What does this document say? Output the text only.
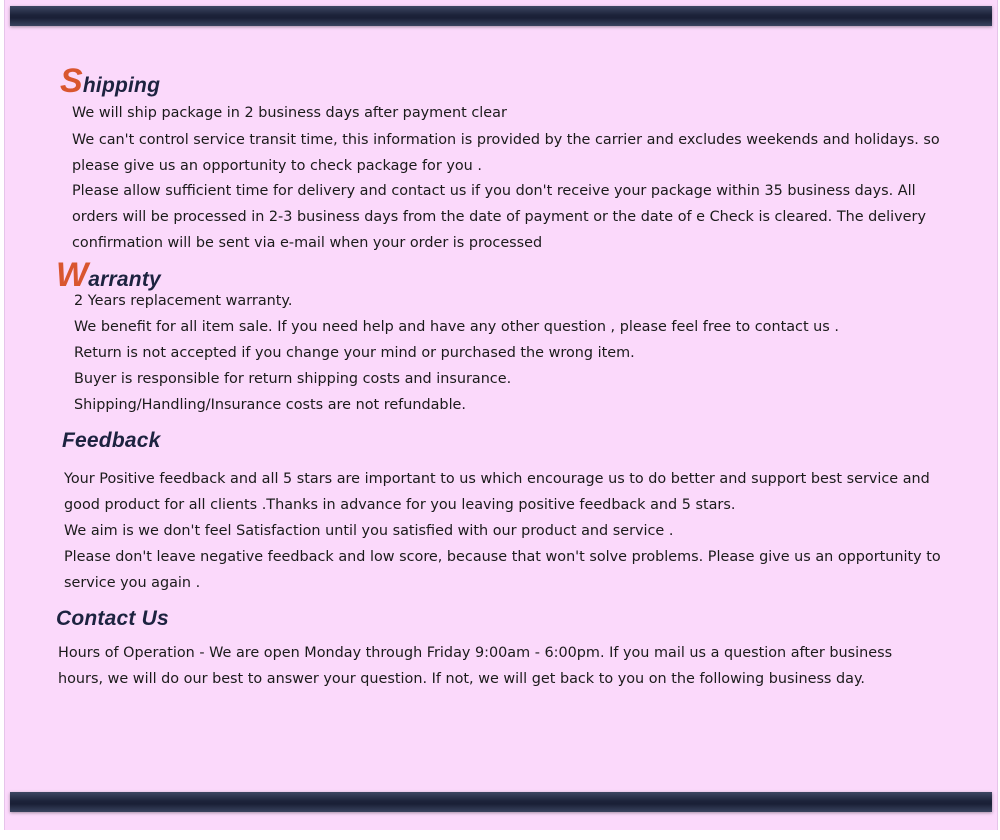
Shipping

We will ship package in 2 business days after payment clear

We can't control service transit time, this information is provided by the carrier and excludes weekends and holidays. so

please give us an opportunity to check package for you .

Please allow sufficient time for delivery and contact us if you don't receive your package within 35 business days. All

orders will be processed in 2-3 business days from the date of payment or the date of e Check is cleared. The delivery

confirmation will be sent via e-mail when your order is processed

Warranty

2 Years replacement warranty.

We benefit for all item sale. If you need help and have any other question , please feel free to contact us .

Return is not accepted if you change your mind or purchased the wrong item.

Buyer is responsible for return shipping costs and insurance.

Shipping/Handling/Insurance costs are not refundable.

Feedback

Your Positive feedback and all 5 stars are important to us which encourage us to do better and support best service and

good product for all clients .Thanks in advance for you leaving positive feedback and 5 stars.

We aim is we don't feel Satisfaction until you satisfied with our product and service .

Please don't leave negative feedback and low score, because that won't solve problems. Please give us an opportunity to

service you again .

Contact Us

Hours of Operation - We are open Monday through Friday 9:00am - 6:00pm. If you mail us a question after business

hours, we will do our best to answer your question. If not, we will get back to you on the following business day.
